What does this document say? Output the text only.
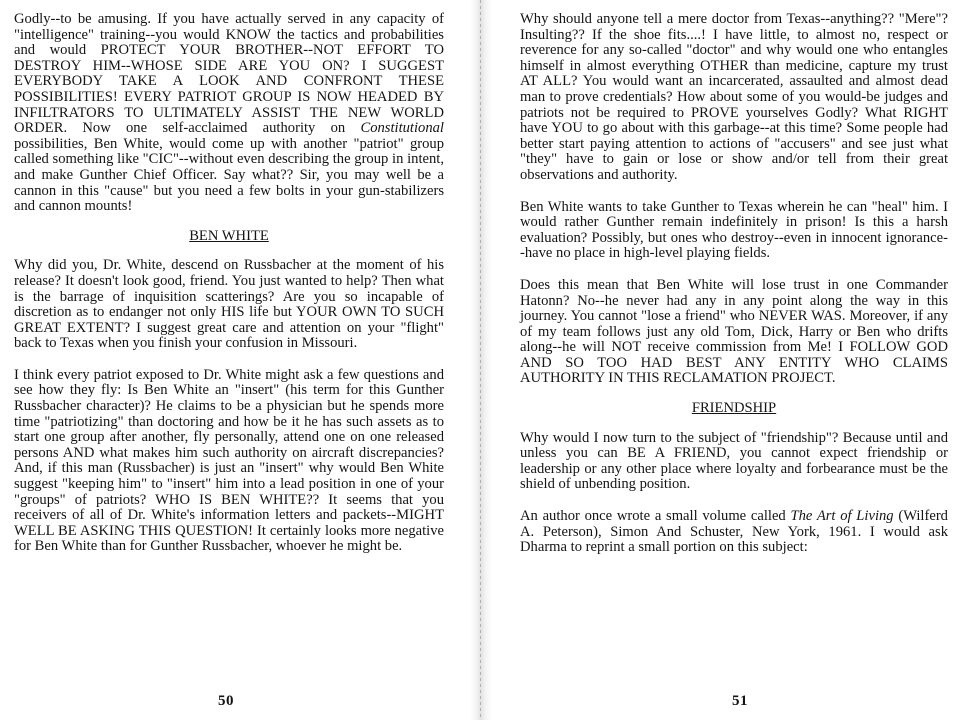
Godly--to be amusing. If you have actually served in any capacity of "intelligence" training--you would KNOW the tactics and probabilities and would PROTECT YOUR BROTHER--NOT EFFORT TO DESTROY HIM--WHOSE SIDE ARE YOU ON? I SUGGEST EVERYBODY TAKE A LOOK AND CONFRONT THESE POSSIBILITIES! EVERY PATRIOT GROUP IS NOW HEADED BY INFILTRATORS TO ULTIMATELY ASSIST THE NEW WORLD ORDER. Now one self-acclaimed authority on Constitutional possibilities, Ben White, would come up with another "patriot" group called something like "CIC"--without even describing the group in intent, and make Gunther Chief Officer. Say what?? Sir, you may well be a cannon in this "cause" but you need a few bolts in your gun-stabilizers and cannon mounts!

BEN WHITE

Why did you, Dr. White, descend on Russbacher at the moment of his release? It doesn't look good, friend. You just wanted to help? Then what is the barrage of inquisition scatterings? Are you so incapable of discretion as to endanger not only HIS life but YOUR OWN TO SUCH GREAT EXTENT? I suggest great care and attention on your "flight" back to Texas when you finish your confusion in Missouri.

I think every patriot exposed to Dr. White might ask a few questions and see how they fly: Is Ben White an "insert" (his term for this Gunther Russbacher character)? He claims to be a physician but he spends more time "patriotizing" than doctoring and how be it he has such assets as to start one group after another, fly personally, attend one on one released persons AND what makes him such authority on aircraft discrepancies? And, if this man (Russbacher) is just an "insert" why would Ben White suggest "keeping him" to "insert" him into a lead position in one of your "groups" of patriots? WHO IS BEN WHITE?? It seems that you receivers of all of Dr. White's information letters and packets--MIGHT WELL BE ASKING THIS QUESTION! It certainly looks more negative for Ben White than for Gunther Russbacher, whoever he might be.

50

Why should anyone tell a mere doctor from Texas--anything?? "Mere"? Insulting?? If the shoe fits....! I have little, to almost no, respect or reverence for any so-called "doctor" and why would one who entangles himself in almost everything OTHER than medicine, capture my trust AT ALL? You would want an incarcerated, assaulted and almost dead man to prove credentials? How about some of you would-be judges and patriots not be required to PROVE yourselves Godly? What RIGHT have YOU to go about with this garbage--at this time? Some people had better start paying attention to actions of "accusers" and see just what "they" have to gain or lose or show and/or tell from their great observations and authority.

Ben White wants to take Gunther to Texas wherein he can "heal" him. I would rather Gunther remain indefinitely in prison! Is this a harsh evaluation? Possibly, but ones who destroy--even in innocent ignorance--have no place in high-level playing fields.

Does this mean that Ben White will lose trust in one Commander Hatonn? No--he never had any in any point along the way in this journey. You cannot "lose a friend" who NEVER WAS. Moreover, if any of my team follows just any old Tom, Dick, Harry or Ben who drifts along--he will NOT receive commission from Me! I FOLLOW GOD AND SO TOO HAD BEST ANY ENTITY WHO CLAIMS AUTHORITY IN THIS RECLAMATION PROJECT.

FRIENDSHIP

Why would I now turn to the subject of "friendship"? Because until and unless you can BE A FRIEND, you cannot expect friendship or leadership or any other place where loyalty and forbearance must be the shield of unbending position.

An author once wrote a small volume called The Art of Living (Wilferd A. Peterson), Simon And Schuster, New York, 1961. I would ask Dharma to reprint a small portion on this subject:

51
